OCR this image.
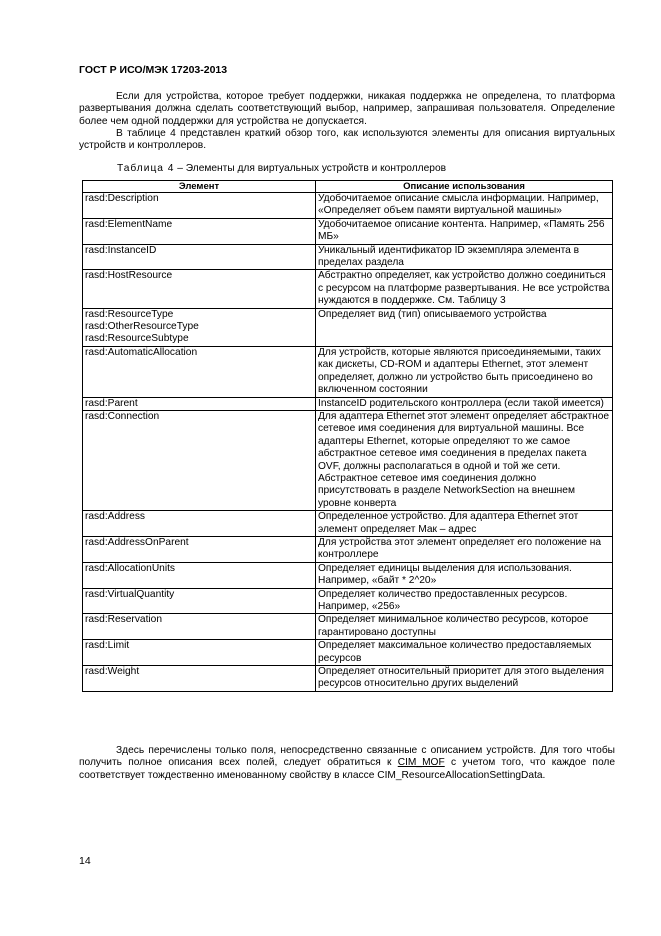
ГОСТ Р ИСО/МЭК 17203-2013

Если для устройства, которое требует поддержки, никакая поддержка не определена, то платформа развертывания должна сделать соответствующий выбор, например, запрашивая пользователя. Определение более чем одной поддержки для устройства не допускается.

В таблице 4 представлен краткий обзор того, как используются элементы для описания виртуальных устройств и контроллеров.

Таблица 4 – Элементы для виртуальных устройств и контроллеров
Элемент	Описание использования

rasd:Description	Удобочитаемое описание смысла информации. Например, «Определяет объем памяти виртуальной машины»

rasd:ElementName	Удобочитаемое описание контента. Например, «Память 256 МБ»

rasd:InstanceID	Уникальный идентификатор ID экземпляра элемента в пределах раздела

rasd:HostResource	Абстрактно определяет, как устройство должно соединиться с ресурсом на платформе развертывания. Не все устройства нуждаются в поддержке. См. Таблицу 3

rasd:ResourceType
rasd:OtherResourceType
rasd:ResourceSubtype	Определяет вид (тип) описываемого устройства

rasd:AutomaticAllocation	Для устройств, которые являются присоединяемыми, таких как дискеты, CD-ROM и адаптеры Ethernet, этот элемент определяет, должно ли устройство быть присоединено во включенном состоянии

rasd:Parent	InstanceID родительского контроллера (если такой имеется)

rasd:Connection	Для адаптера Ethernet этот элемент определяет абстрактное сетевое имя соединения для виртуальной машины. Все адаптеры Ethernet, которые определяют то же самое абстрактное сетевое имя соединения в пределах пакета OVF, должны располагаться в одной и той же сети. Абстрактное сетевое имя соединения должно присутствовать в разделе NetworkSection на внешнем уровне конверта

rasd:Address	Определенное устройство. Для адаптера Ethernet этот элемент определяет Мак – адрес

rasd:AddressOnParent	Для устройства этот элемент определяет его положение на контроллере

rasd:AllocationUnits	Определяет единицы выделения для использования. Например, «байт * 2^20»

rasd:VirtualQuantity	Определяет количество предоставленных ресурсов. Например, «256»

rasd:Reservation	Определяет минимальное количество ресурсов, которое гарантировано доступны

rasd:Limit	Определяет максимальное количество предоставляемых ресурсов

rasd:Weight	Определяет относительный приоритет для этого выделения ресурсов относительно других выделений

Здесь перечислены только поля, непосредственно связанные с описанием устройств. Для того чтобы получить полное описания всех полей, следует обратиться к CIM_MOF с учетом того, что каждое поле соответствует тождественно именованному свойству в классе CIM_ResourceAllocationSettingData.

14
